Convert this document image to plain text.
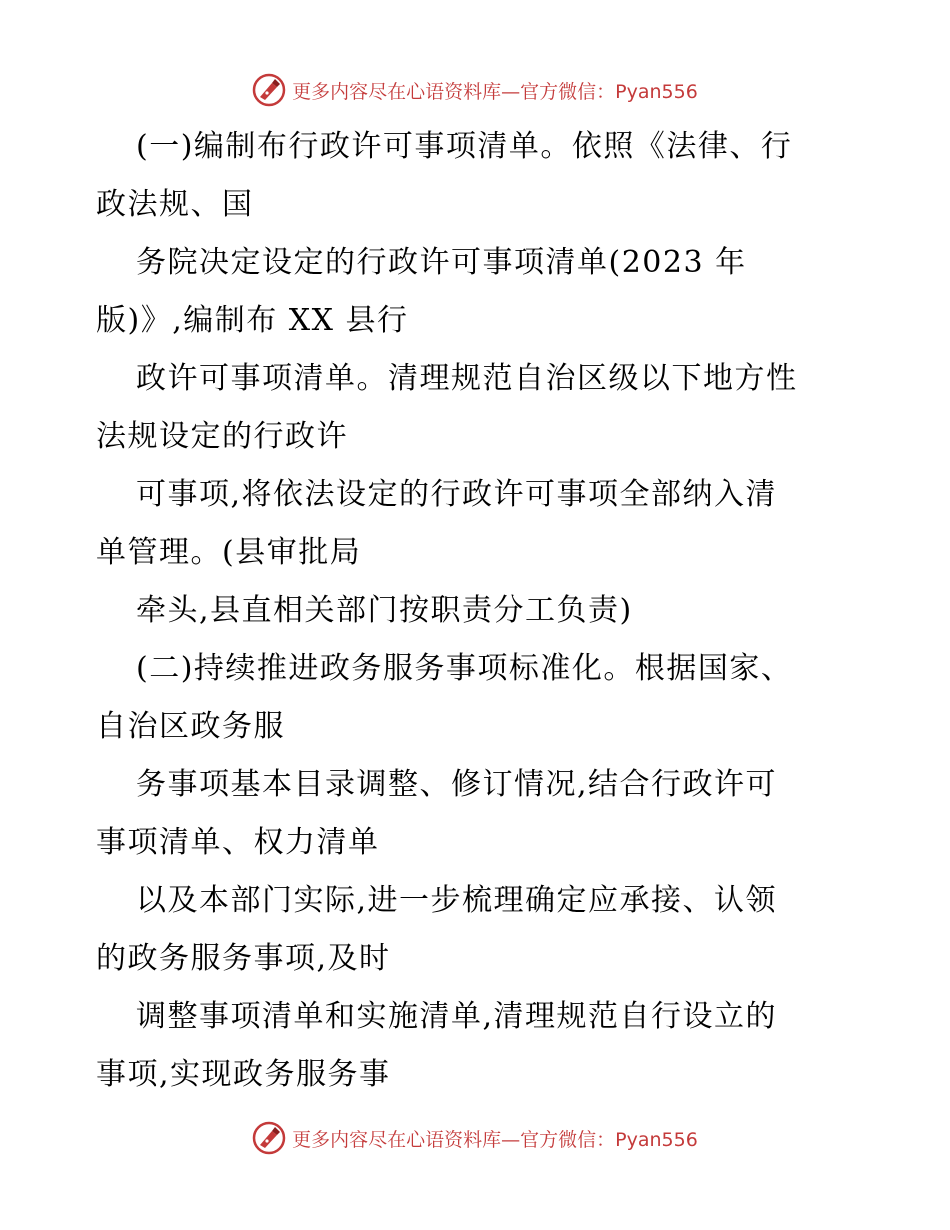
更多内容尽在心语资料库—官方微信：Pyan556
(一)编制布行政许可事项清单。依照《法律、行
政法规、国
务院决定设定的行政许可事项清单(2023 年
版)》,编制布 XX 县行
政许可事项清单。清理规范自治区级以下地方性
法规设定的行政许
可事项,将依法设定的行政许可事项全部纳入清
单管理。(县审批局
牵头,县直相关部门按职责分工负责)
(二)持续推进政务服务事项标准化。根据国家、
自治区政务服
务事项基本目录调整、修订情况,结合行政许可
事项清单、权力清单
以及本部门实际,进一步梳理确定应承接、认领
的政务服务事项,及时
调整事项清单和实施清单,清理规范自行设立的
事项,实现政务服务事
更多内容尽在心语资料库—官方微信：Pyan556
